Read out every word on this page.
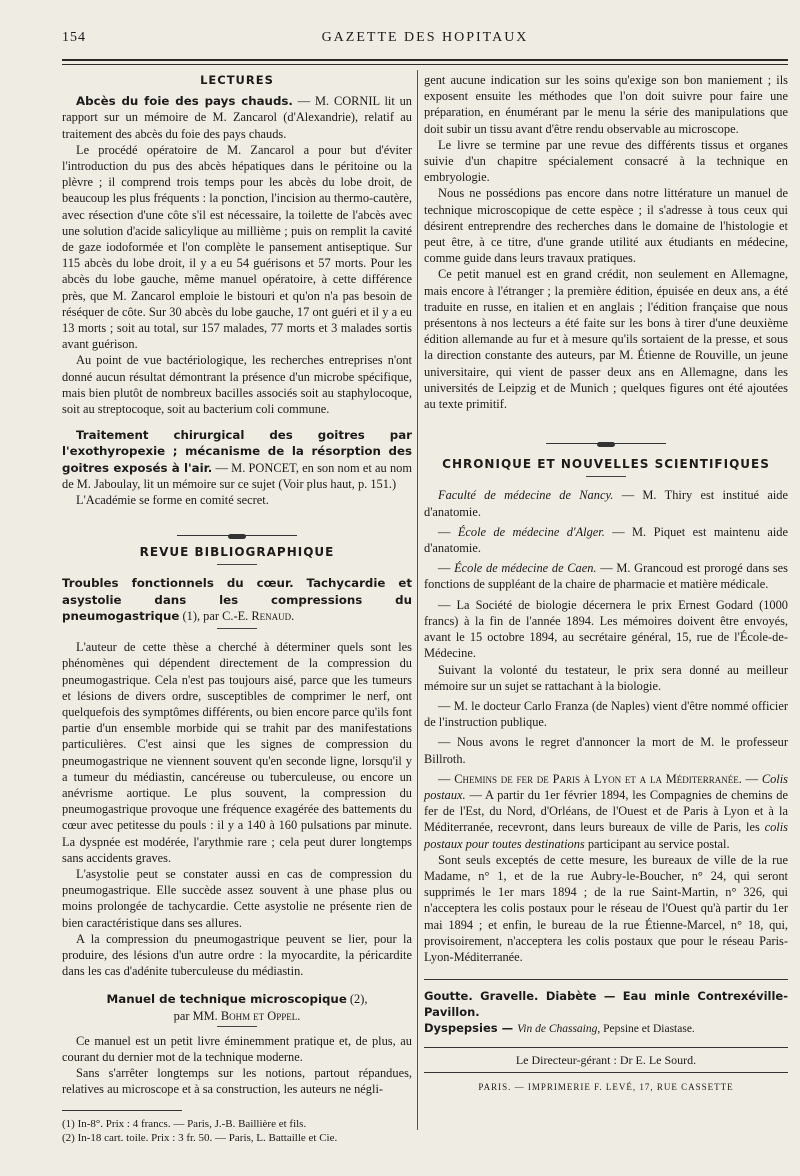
154	GAZETTE DES HOPITAUX
LECTURES

Abcès du foie des pays chauds. — M. CORNIL lit un rapport sur un mémoire de M. Zancarol (d'Alexandrie), relatif au traitement des abcès du foie des pays chauds.

Le procédé opératoire de M. Zancarol a pour but d'éviter l'introduction du pus des abcès hépatiques dans le péritoine ou la plèvre ; il comprend trois temps pour les abcès du lobe droit, de beaucoup les plus fréquents : la ponction, l'incision au thermo-cautère, avec résection d'une côte s'il est nécessaire, la toilette de l'abcès avec une solution d'acide salicylique au millième ; puis on remplit la cavité de gaze iodoformée et l'on complète le pansement antiseptique. Sur 115 abcès du lobe droit, il y a eu 54 guérisons et 57 morts. Pour les abcès du lobe gauche, même manuel opératoire, à cette différence près, que M. Zancarol emploie le bistouri et qu'on n'a pas besoin de réséquer de côte. Sur 30 abcès du lobe gauche, 17 ont guéri et il y a eu 13 morts ; soit au total, sur 157 malades, 77 morts et 3 malades sortis avant guérison.

Au point de vue bactériologique, les recherches entreprises n'ont donné aucun résultat démontrant la présence d'un microbe spécifique, mais bien plutôt de nombreux bacilles associés soit au staphylocoque, soit au streptocoque, soit au bacterium coli commune.

Traitement chirurgical des goitres par l'exothyropexie ; mécanisme de la résorption des goitres exposés à l'air. — M. PONCET, en son nom et au nom de M. Jaboulay, lit un mémoire sur ce sujet (Voir plus haut, p. 151.)

L'Académie se forme en comité secret.

REVUE BIBLIOGRAPHIQUE

Troubles fonctionnels du cœur. Tachycardie et asystolie dans les compressions du pneumogastrique (1), par C.-E. Renaud.

L'auteur de cette thèse a cherché à déterminer quels sont les phénomènes qui dépendent directement de la compression du pneumogastrique. Cela n'est pas toujours aisé, parce que les tumeurs et lésions de divers ordre, susceptibles de comprimer le nerf, ont quelquefois des symptômes différents, ou bien encore parce qu'ils font partie d'un ensemble morbide qui se trahit par des manifestations particulières. C'est ainsi que les signes de compression du pneumogastrique ne viennent souvent qu'en seconde ligne, lorsqu'il y a tumeur du médiastin, cancéreuse ou tuberculeuse, ou encore un anévrisme aortique. Le plus souvent, la compression du pneumogastrique provoque une fréquence exagérée des battements du cœur avec petitesse du pouls : il y a 140 à 160 pulsations par minute. La dyspnée est modérée, l'arythmie rare ; cela peut durer longtemps sans accidents graves.

L'asystolie peut se constater aussi en cas de compression du pneumogastrique. Elle succède assez souvent à une phase plus ou moins prolongée de tachycardie. Cette asystolie ne présente rien de bien caractéristique dans ses allures.

A la compression du pneumogastrique peuvent se lier, pour la produire, des lésions d'un autre ordre : la myocardite, la péricardite dans les cas d'adénite tuberculeuse du médiastin.

Manuel de technique microscopique (2),
par MM. Bohm et Oppel.

Ce manuel est un petit livre éminemment pratique et, de plus, au courant du dernier mot de la technique moderne.

Sans s'arrêter longtemps sur les notions, partout répandues, relatives au microscope et à sa construction, les auteurs ne négli-

(1) In-8°. Prix : 4 francs. — Paris, J.-B. Baillière et fils.

(2) In-18 cart. toile. Prix : 3 fr. 50. — Paris, L. Battaille et Cie.

gent aucune indication sur les soins qu'exige son bon maniement ; ils exposent ensuite les méthodes que l'on doit suivre pour faire une préparation, en énumérant par le menu la série des manipulations que doit subir un tissu avant d'être rendu observable au microscope.

Le livre se termine par une revue des différents tissus et organes suivie d'un chapitre spécialement consacré à la technique en embryologie.

Nous ne possédions pas encore dans notre littérature un manuel de technique microscopique de cette espèce ; il s'adresse à tous ceux qui désirent entreprendre des recherches dans le domaine de l'histologie et peut être, à ce titre, d'une grande utilité aux étudiants en médecine, comme guide dans leurs travaux pratiques.

Ce petit manuel est en grand crédit, non seulement en Allemagne, mais encore à l'étranger ; la première édition, épuisée en deux ans, a été traduite en russe, en italien et en anglais ; l'édition française que nous présentons à nos lecteurs a été faite sur les bons à tirer d'une deuxième édition allemande au fur et à mesure qu'ils sortaient de la presse, et sous la direction constante des auteurs, par M. Étienne de Rouville, un jeune universitaire, qui vient de passer deux ans en Allemagne, dans les universités de Leipzig et de Munich ; quelques figures ont été ajoutées au texte primitif.

CHRONIQUE ET NOUVELLES SCIENTIFIQUES

Faculté de médecine de Nancy. — M. Thiry est institué aide d'anatomie.

— École de médecine d'Alger. — M. Piquet est maintenu aide d'anatomie.

— École de médecine de Caen. — M. Grancoud est prorogé dans ses fonctions de suppléant de la chaire de pharmacie et matière médicale.

— La Société de biologie décernera le prix Ernest Godard (1000 francs) à la fin de l'année 1894. Les mémoires doivent être envoyés, avant le 15 octobre 1894, au secrétaire général, 15, rue de l'École-de-Médecine.

Suivant la volonté du testateur, le prix sera donné au meilleur mémoire sur un sujet se rattachant à la biologie.

— M. le docteur Carlo Franza (de Naples) vient d'être nommé officier de l'instruction publique.

— Nous avons le regret d'annoncer la mort de M. le professeur Billroth.

— Chemins de fer de Paris à Lyon et a la Méditerranée. — Colis postaux. — A partir du 1er février 1894, les Compagnies de chemins de fer de l'Est, du Nord, d'Orléans, de l'Ouest et de Paris à Lyon et à la Méditerranée, recevront, dans leurs bureaux de ville de Paris, les colis postaux pour toutes destinations participant au service postal.

Sont seuls exceptés de cette mesure, les bureaux de ville de la rue Madame, n° 1, et de la rue Aubry-le-Boucher, n° 24, qui seront supprimés le 1er mars 1894 ; de la rue Saint-Martin, n° 326, qui n'acceptera les colis postaux pour le réseau de l'Ouest qu'à partir du 1er mai 1894 ; et enfin, le bureau de la rue Étienne-Marcel, n° 18, qui, provisoirement, n'acceptera les colis postaux que pour le réseau Paris-Lyon-Méditerranée.

Goutte. Gravelle. Diabète — Eau minle Contrexéville-Pavillon.

Dyspepsies — Vin de Chassaing, Pepsine et Diastase.

Le Directeur-gérant : Dr E. Le Sourd.

PARIS. — IMPRIMERIE F. LEVÉ, 17, RUE CASSETTE
